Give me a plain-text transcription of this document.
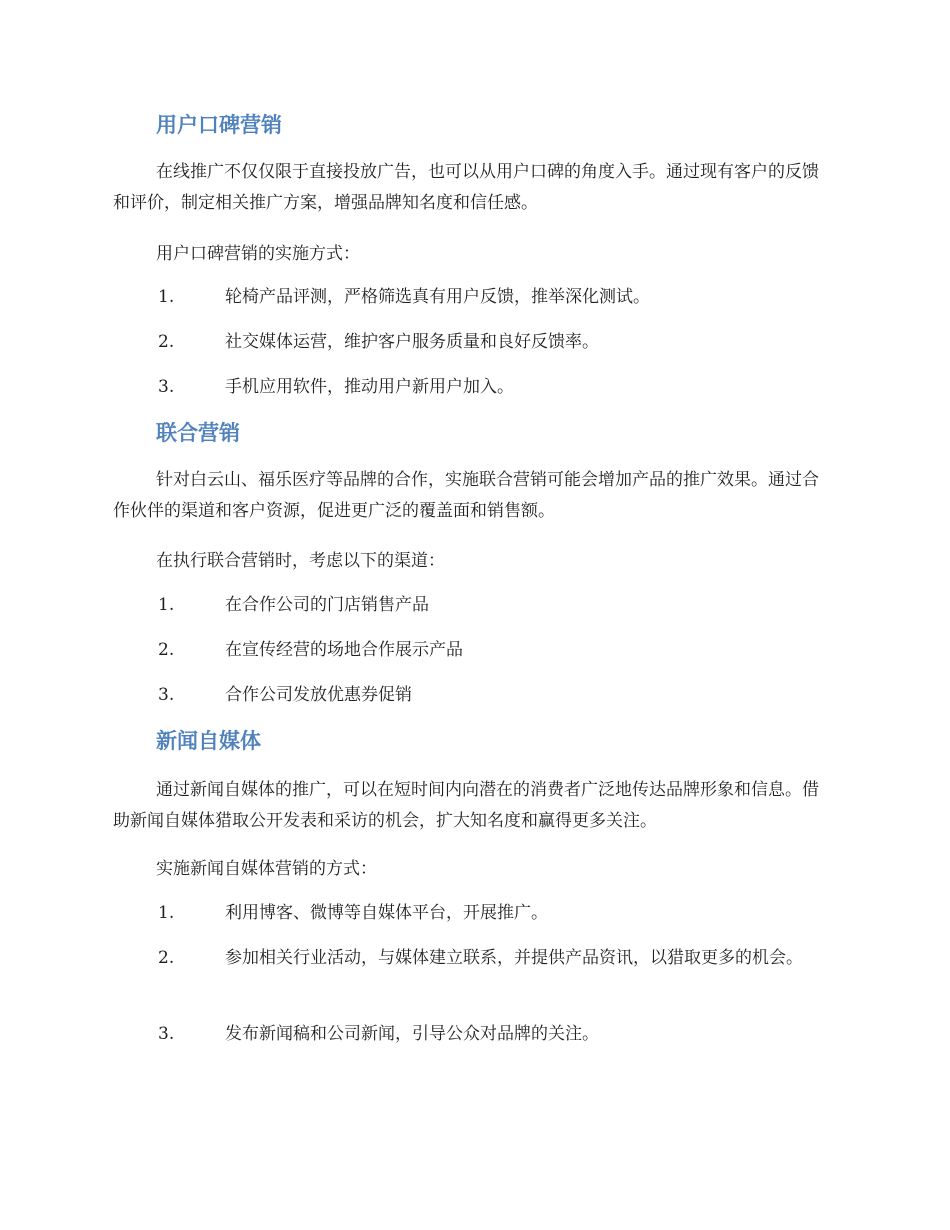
用户口碑营销

在线推广不仅仅限于直接投放广告，也可以从用户口碑的角度入手。通过现有客户的反馈和评价，制定相关推广方案，增强品牌知名度和信任感。

用户口碑营销的实施方式：

1.	轮椅产品评测，严格筛选真有用户反馈，推举深化测试。
2.	社交媒体运营，维护客户服务质量和良好反馈率。
3.	手机应用软件，推动用户新用户加入。
联合营销

针对白云山、福乐医疗等品牌的合作，实施联合营销可能会增加产品的推广效果。通过合作伙伴的渠道和客户资源，促进更广泛的覆盖面和销售额。

在执行联合营销时，考虑以下的渠道：

1.	在合作公司的门店销售产品
2.	在宣传经营的场地合作展示产品
3.	合作公司发放优惠券促销
新闻自媒体

通过新闻自媒体的推广，可以在短时间内向潜在的消费者广泛地传达品牌形象和信息。借助新闻自媒体猎取公开发表和采访的机会，扩大知名度和赢得更多关注。

实施新闻自媒体营销的方式：

1.	利用博客、微博等自媒体平台，开展推广。
2.	参加相关行业活动，与媒体建立联系，并提供产品资讯，以猎取更多的机会。
3.	发布新闻稿和公司新闻，引导公众对品牌的关注。
